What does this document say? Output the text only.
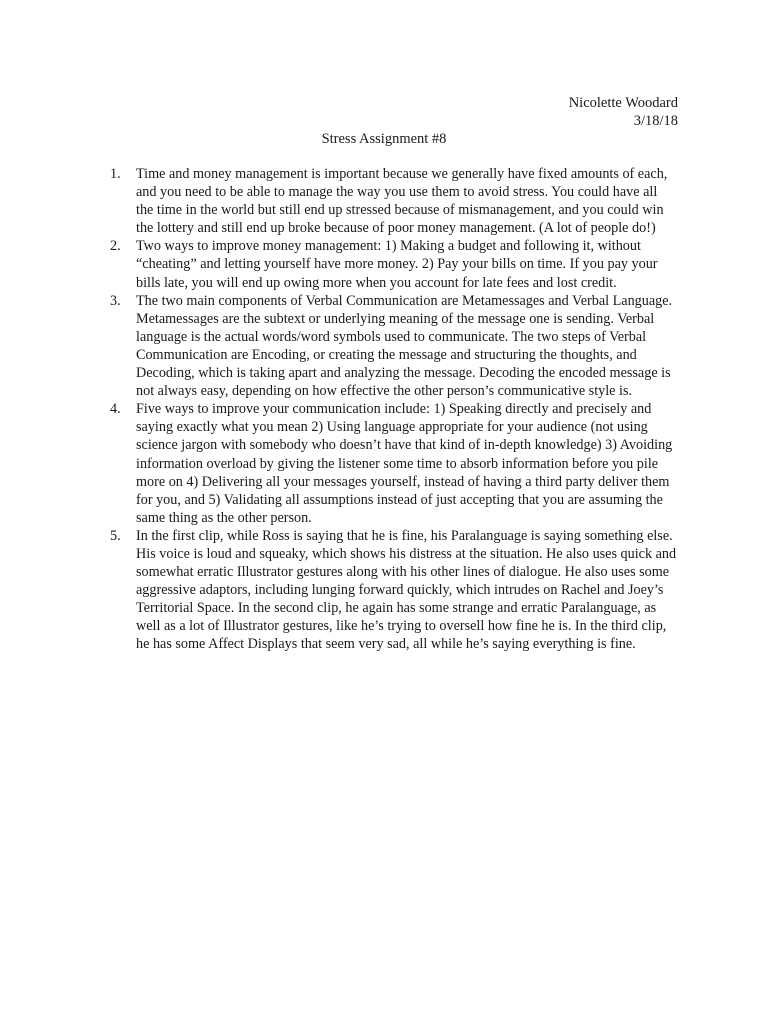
Nicolette Woodard
3/18/18
Stress Assignment #8
1. Time and money management is important because we generally have fixed amounts of each, and you need to be able to manage the way you use them to avoid stress. You could have all the time in the world but still end up stressed because of mismanagement, and you could win the lottery and still end up broke because of poor money management. (A lot of people do!)
2. Two ways to improve money management: 1) Making a budget and following it, without “cheating” and letting yourself have more money. 2) Pay your bills on time. If you pay your bills late, you will end up owing more when you account for late fees and lost credit.
3. The two main components of Verbal Communication are Metamessages and Verbal Language. Metamessages are the subtext or underlying meaning of the message one is sending. Verbal language is the actual words/word symbols used to communicate. The two steps of Verbal Communication are Encoding, or creating the message and structuring the thoughts, and Decoding, which is taking apart and analyzing the message. Decoding the encoded message is not always easy, depending on how effective the other person’s communicative style is.
4. Five ways to improve your communication include: 1) Speaking directly and precisely and saying exactly what you mean 2) Using language appropriate for your audience (not using science jargon with somebody who doesn’t have that kind of in-depth knowledge) 3) Avoiding information overload by giving the listener some time to absorb information before you pile more on 4) Delivering all your messages yourself, instead of having a third party deliver them for you, and 5) Validating all assumptions instead of just accepting that you are assuming the same thing as the other person.
5. In the first clip, while Ross is saying that he is fine, his Paralanguage is saying something else. His voice is loud and squeaky, which shows his distress at the situation. He also uses quick and somewhat erratic Illustrator gestures along with his other lines of dialogue. He also uses some aggressive adaptors, including lunging forward quickly, which intrudes on Rachel and Joey’s Territorial Space. In the second clip, he again has some strange and erratic Paralanguage, as well as a lot of Illustrator gestures, like he’s trying to oversell how fine he is. In the third clip, he has some Affect Displays that seem very sad, all while he’s saying everything is fine.
